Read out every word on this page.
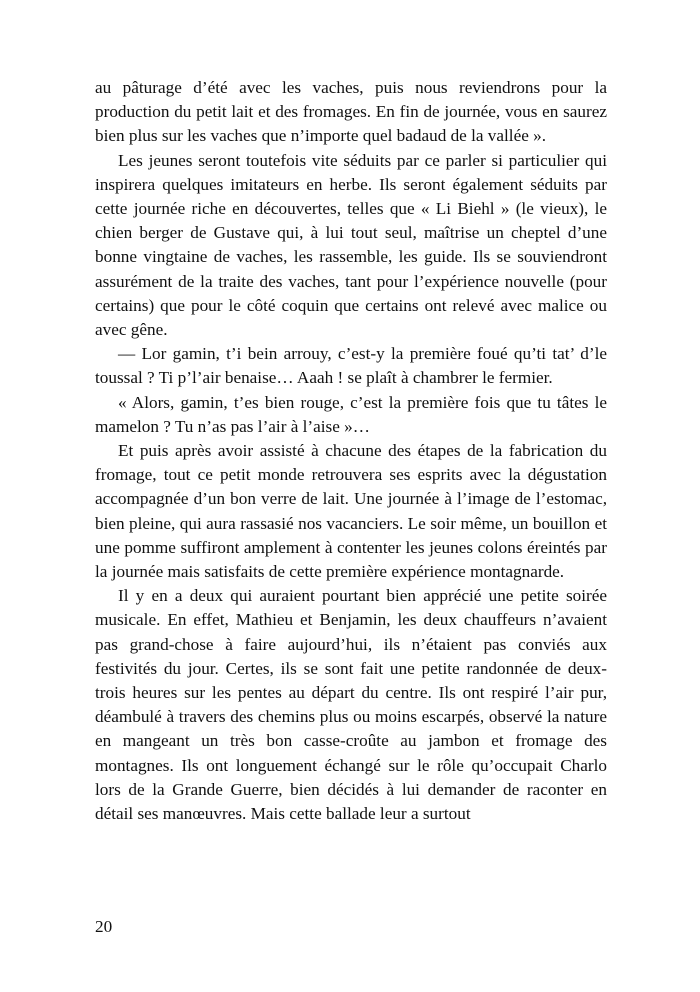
au pâturage d’été avec les vaches, puis nous reviendrons pour la production du petit lait et des fromages. En fin de journée, vous en saurez bien plus sur les vaches que n’importe quel badaud de la vallée ».

Les jeunes seront toutefois vite séduits par ce parler si particulier qui inspirera quelques imitateurs en herbe. Ils seront également séduits par cette journée riche en découvertes, telles que « Li Biehl » (le vieux), le chien berger de Gustave qui, à lui tout seul, maîtrise un cheptel d’une bonne vingtaine de vaches, les rassemble, les guide. Ils se souviendront assurément de la traite des vaches, tant pour l’expérience nouvelle (pour certains) que pour le côté coquin que certains ont relevé avec malice ou avec gêne.

— Lor gamin, t’i bein arrouy, c’est-y la première foué qu’ti tat’ d’le toussal ? Ti p’l’air benaise… Aaah ! se plaît à chambrer le fermier.

« Alors, gamin, t’es bien rouge, c’est la première fois que tu tâtes le mamelon ? Tu n’as pas l’air à l’aise »…

Et puis après avoir assisté à chacune des étapes de la fabrication du fromage, tout ce petit monde retrouvera ses esprits avec la dégustation accompagnée d’un bon verre de lait. Une journée à l’image de l’estomac, bien pleine, qui aura rassasié nos vacanciers. Le soir même, un bouillon et une pomme suffiront amplement à contenter les jeunes colons éreintés par la journée mais satisfaits de cette première expérience montagnarde.

Il y en a deux qui auraient pourtant bien apprécié une petite soirée musicale. En effet, Mathieu et Benjamin, les deux chauffeurs n’avaient pas grand-chose à faire aujourd’hui, ils n’étaient pas conviés aux festivités du jour. Certes, ils se sont fait une petite randonnée de deux-trois heures sur les pentes au départ du centre. Ils ont respiré l’air pur, déambulé à travers des chemins plus ou moins escarpés, observé la nature en mangeant un très bon casse-croûte au jambon et fromage des montagnes. Ils ont longuement échangé sur le rôle qu’occupait Charlo lors de la Grande Guerre, bien décidés à lui demander de raconter en détail ses manœuvres. Mais cette ballade leur a surtout

20
